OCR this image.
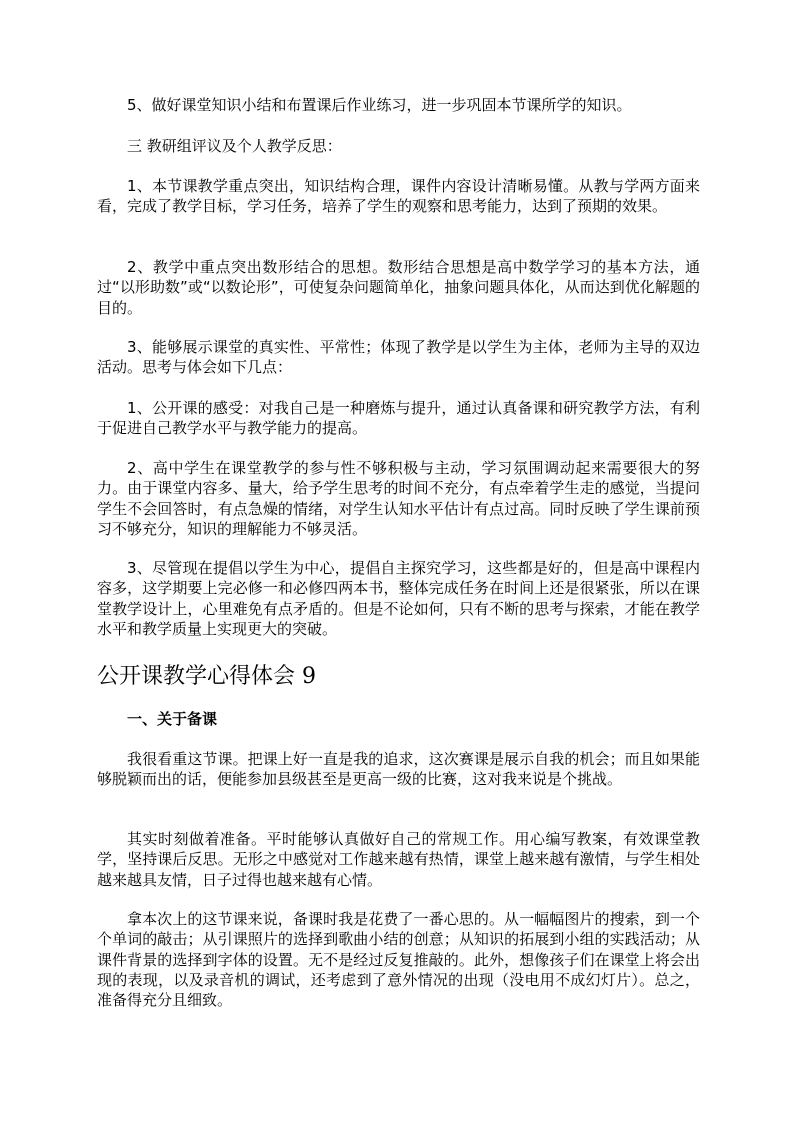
5、做好课堂知识小结和布置课后作业练习，进一步巩固本节课所学的知识。

三 教研组评议及个人教学反思：

1、本节课教学重点突出，知识结构合理，课件内容设计清晰易懂。从教与学两方面来看，完成了教学目标，学习任务，培养了学生的观察和思考能力，达到了预期的效果。

2、教学中重点突出数形结合的思想。数形结合思想是高中数学学习的基本方法，通过“以形助数”或“以数论形”，可使复杂问题简单化，抽象问题具体化，从而达到优化解题的目的。

3、能够展示课堂的真实性、平常性；体现了教学是以学生为主体，老师为主导的双边活动。思考与体会如下几点：

1、公开课的感受：对我自己是一种磨炼与提升，通过认真备课和研究教学方法，有利于促进自己教学水平与教学能力的提高。

2、高中学生在课堂教学的参与性不够积极与主动，学习氛围调动起来需要很大的努力。由于课堂内容多、量大，给予学生思考的时间不充分，有点牵着学生走的感觉，当提问学生不会回答时，有点急燥的情绪，对学生认知水平估计有点过高。同时反映了学生课前预习不够充分，知识的理解能力不够灵活。

3、尽管现在提倡以学生为中心，提倡自主探究学习，这些都是好的，但是高中课程内容多，这学期要上完必修一和必修四两本书，整体完成任务在时间上还是很紧张，所以在课堂教学设计上，心里难免有点矛盾的。但是不论如何，只有不断的思考与探索，才能在教学水平和教学质量上实现更大的突破。

公开课教学心得体会 9
一、关于备课

我很看重这节课。把课上好一直是我的追求，这次赛课是展示自我的机会；而且如果能够脱颖而出的话，便能参加县级甚至是更高一级的比赛，这对我来说是个挑战。

其实时刻做着准备。平时能够认真做好自己的常规工作。用心编写教案，有效课堂教学，坚持课后反思。无形之中感觉对工作越来越有热情，课堂上越来越有激情，与学生相处越来越具友情，日子过得也越来越有心情。

拿本次上的这节课来说，备课时我是花费了一番心思的。从一幅幅图片的搜索，到一个个单词的敲击；从引课照片的选择到歌曲小结的创意；从知识的拓展到小组的实践活动；从课件背景的选择到字体的设置。无不是经过反复推敲的。此外，想像孩子们在课堂上将会出现的表现，以及录音机的调试，还考虑到了意外情况的出现（没电用不成幻灯片）。总之，准备得充分且细致。
